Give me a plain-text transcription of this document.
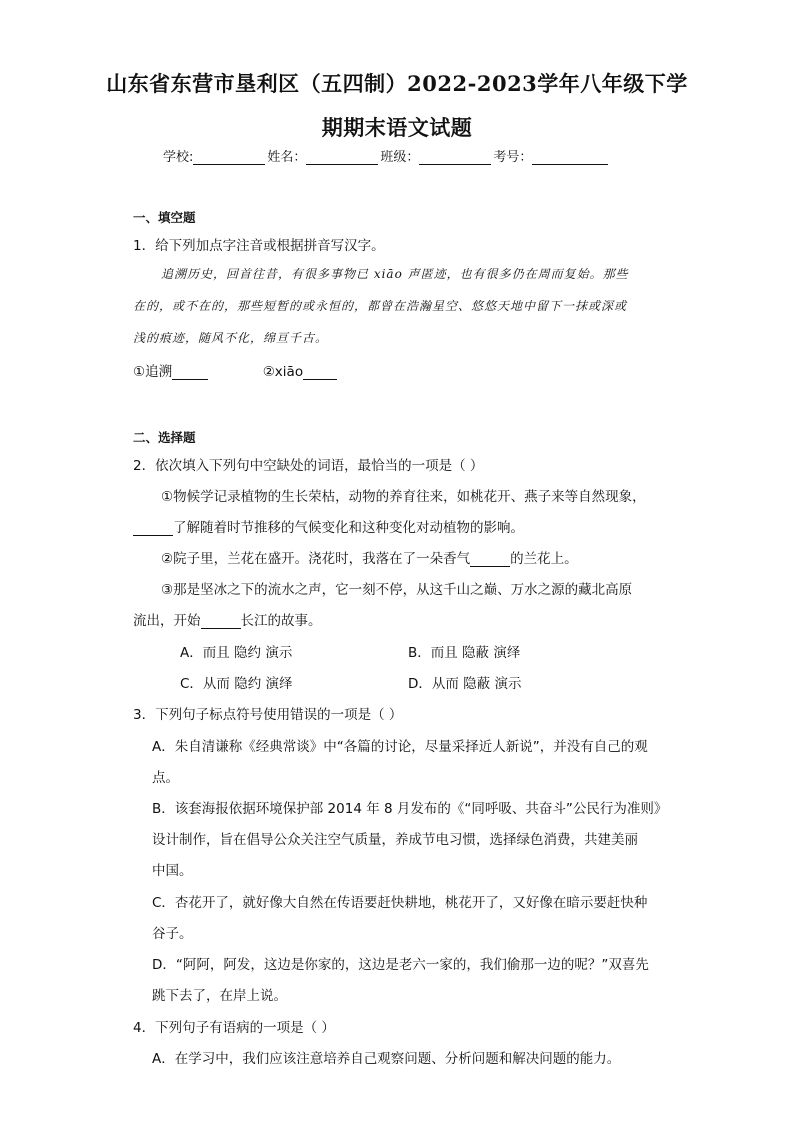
山东省东营市垦利区（五四制）2022-2023学年八年级下学
期期末语文试题
学校:	姓名：	班级：	考号：
一、填空题
1．给下列加点字注音或根据拼音写汉字。
追溯历史，回首往昔，有很多事物已 xiāo 声匿迹，也有很多仍在周而复始。那些
在的，或不在的，那些短暂的或永恒的，都曾在浩瀚星空、悠悠天地中留下一抹或深或
浅的痕迹，随风不化，绵亘千古。
①追溯	②xiāo
二、选择题
2．依次填入下列句中空缺处的词语，最恰当的一项是（ ）
①物候学记录植物的生长荣枯，动物的养育往来，如桃花开、燕子来等自然现象，
了解随着时节推移的气候变化和这种变化对动植物的影响。
②院子里，兰花在盛开。浇花时，我落在了一朵香气	的兰花上。
③那是坚冰之下的流水之声，它一刻不停，从这千山之巅、万水之源的藏北高原
流出，开始	长江的故事。
A．而且 隐约 演示	B．而且 隐蔽 演绎
C．从而 隐约 演绎	D．从而 隐蔽 演示
3．下列句子标点符号使用错误的一项是（ ）
A．朱自清谦称《经典常谈》中“各篇的讨论，尽量采择近人新说”，并没有自己的观
点。
B．该套海报依据环境保护部 2014 年 8 月发布的《“同呼吸、共奋斗”公民行为准则》
设计制作，旨在倡导公众关注空气质量，养成节电习惯，选择绿色消费，共建美丽
中国。
C．杏花开了，就好像大自然在传语要赶快耕地，桃花开了，又好像在暗示要赶快种
谷子。
D．“阿阿，阿发，这边是你家的，这边是老六一家的，我们偷那一边的呢？”双喜先
跳下去了，在岸上说。
4．下列句子有语病的一项是（ ）
A．在学习中，我们应该注意培养自己观察问题、分析问题和解决问题的能力。
